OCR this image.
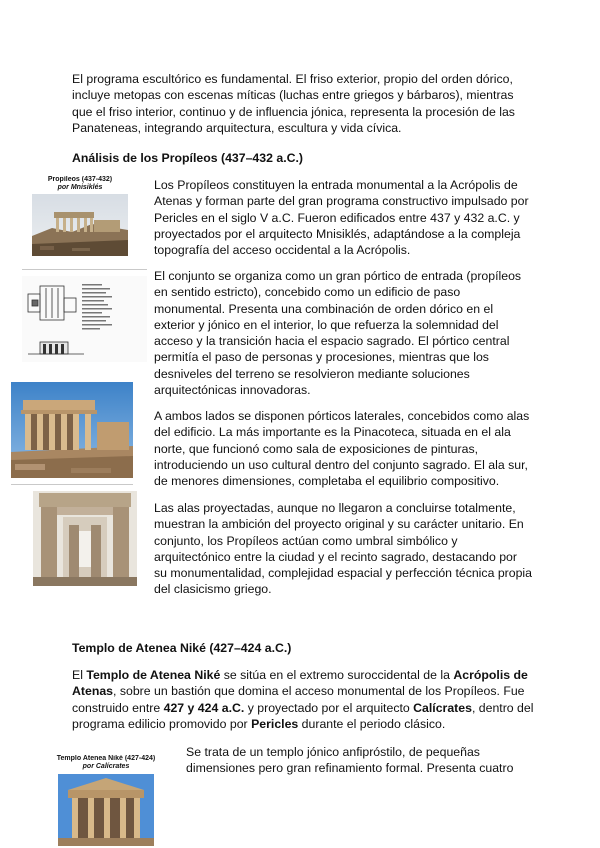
El programa escultórico es fundamental. El friso exterior, propio del orden dórico, incluye metopas con escenas míticas (luchas entre griegos y bárbaros), mientras que el friso interior, continuo y de influencia jónica, representa la procesión de las Panateneas, integrando arquitectura, escultura y vida cívica.

Análisis de los Propíleos (437–432 a.C.)

Propíleos (437-432)
por Mnisiklés	Los Propíleos constituyen la entrada monumental a la Acrópolis de Atenas y forman parte del gran programa constructivo impulsado por Pericles en el siglo V a.C. Fueron edificados entre 437 y 432 a.C. y proyectados por el arquitecto Mnisiklés, adaptándose a la compleja topografía del acceso occidental a la Acrópolis.

El conjunto se organiza como un gran pórtico de entrada (propíleos en sentido estricto), concebido como un edificio de paso monumental. Presenta una combinación de orden dórico en el exterior y jónico en el interior, lo que refuerza la solemnidad del acceso y la transición hacia el espacio sagrado. El pórtico central permitía el paso de personas y procesiones, mientras que los desniveles del terreno se resolvieron mediante soluciones arquitectónicas innovadoras.

A ambos lados se disponen pórticos laterales, concebidos como alas del edificio. La más importante es la Pinacoteca, situada en el ala norte, que funcionó como sala de exposiciones de pinturas, introduciendo un uso cultural dentro del conjunto sagrado. El ala sur, de menores dimensiones, completaba el equilibrio compositivo.

Las alas proyectadas, aunque no llegaron a concluirse totalmente, muestran la ambición del proyecto original y su carácter unitario. En conjunto, los Propíleos actúan como umbral simbólico y arquitectónico entre la ciudad y el recinto sagrado, destacando por su monumentalidad, complejidad espacial y perfección técnica propia del clasicismo griego.

Templo de Atenea Niké (427–424 a.C.)

El Templo de Atenea Niké se sitúa en el extremo suroccidental de la Acrópolis de Atenas, sobre un bastión que domina el acceso monumental de los Propíleos. Fue construido entre 427 y 424 a.C. y proyectado por el arquitecto Calícrates, dentro del programa edilicio promovido por Pericles durante el periodo clásico.

Templo Atenea Niké (427-424)
por Calícrates

Se trata de un templo jónico anfipróstilo, de pequeñas dimensiones pero gran refinamiento formal. Presenta cuatro
